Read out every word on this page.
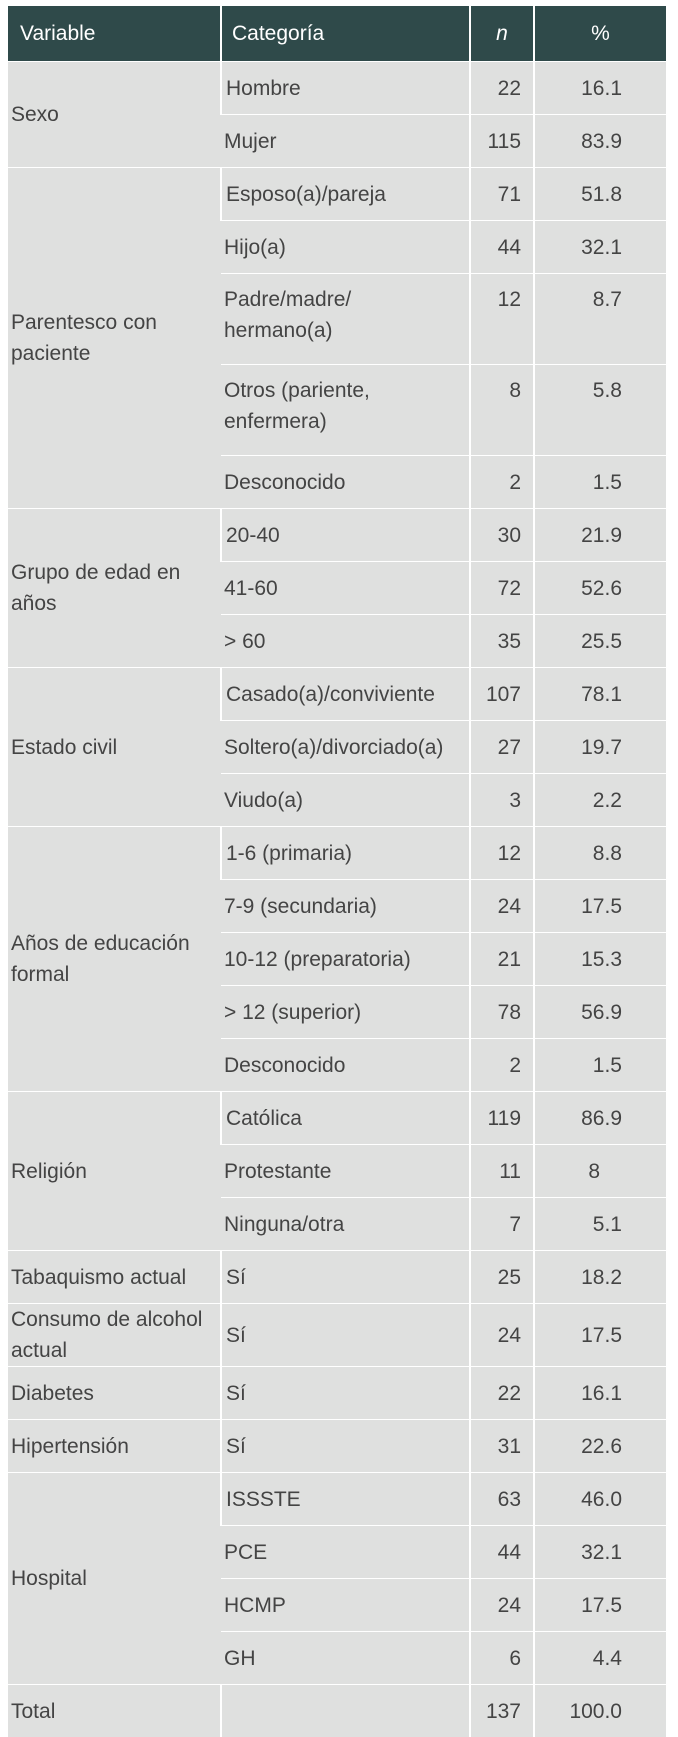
Variable	Categoría	n	%
Sexo	Hombre	22	16.1
	Mujer	115	83.9
Parentesco con paciente	Esposo(a)/pareja	71	51.8
	Hijo(a)	44	32.1
	Padre/madre/ hermano(a)	12	8.7
	Otros (pariente, enfermera)	8	5.8
	Desconocido	2	1.5
Grupo de edad en años	20-40	30	21.9
	41-60	72	52.6
	> 60	35	25.5
Estado civil	Casado(a)/conviviente	107	78.1
	Soltero(a)/divorciado(a)	27	19.7
	Viudo(a)	3	2.2
Años de educación formal	1-6 (primaria)	12	8.8
	7-9 (secundaria)	24	17.5
	10-12 (preparatoria)	21	15.3
	> 12 (superior)	78	56.9
	Desconocido	2	1.5
Religión	Católica	119	86.9
	Protestante	11	8
	Ninguna/otra	7	5.1
Tabaquismo actual	Sí	25	18.2
Consumo de alcohol actual	Sí	24	17.5
Diabetes	Sí	22	16.1
Hipertensión	Sí	31	22.6
Hospital	ISSSTE	63	46.0
	PCE	44	32.1
	HCMP	24	17.5
	GH	6	4.4
Total		137	100.0
